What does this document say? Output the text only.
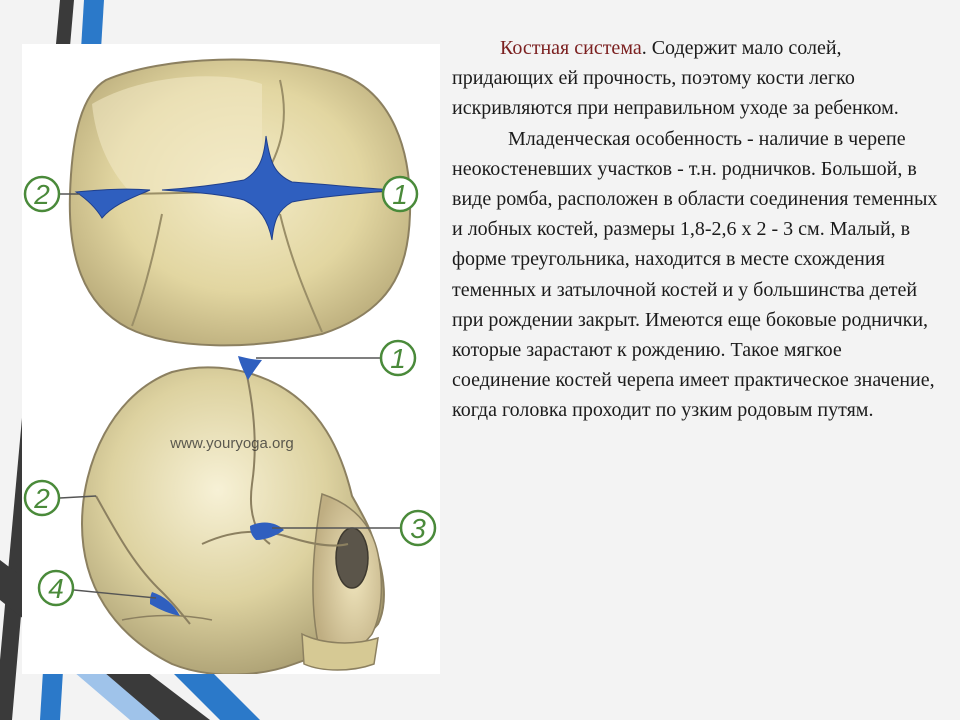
2	1
www.youryoga.org
1
2
3
4

Костная система. Содержит мало солей, придающих ей прочность, поэтому кости легко искривляются при неправильном уходе за ребенком.

Младенческая особенность - наличие в черепе неокостеневших участков - т.н. родничков. Большой, в виде ромба, расположен в области соединения теменных и лобных костей, размеры 1,8-2,6 х 2 - 3 см. Малый, в форме треугольника, находится в месте схождения теменных и затылочной костей и у большинства детей при рождении закрыт. Имеются еще боковые роднички, которые зарастают к рождению. Такое мягкое соединение костей черепа имеет практическое значение, когда головка проходит по узким родовым путям.
